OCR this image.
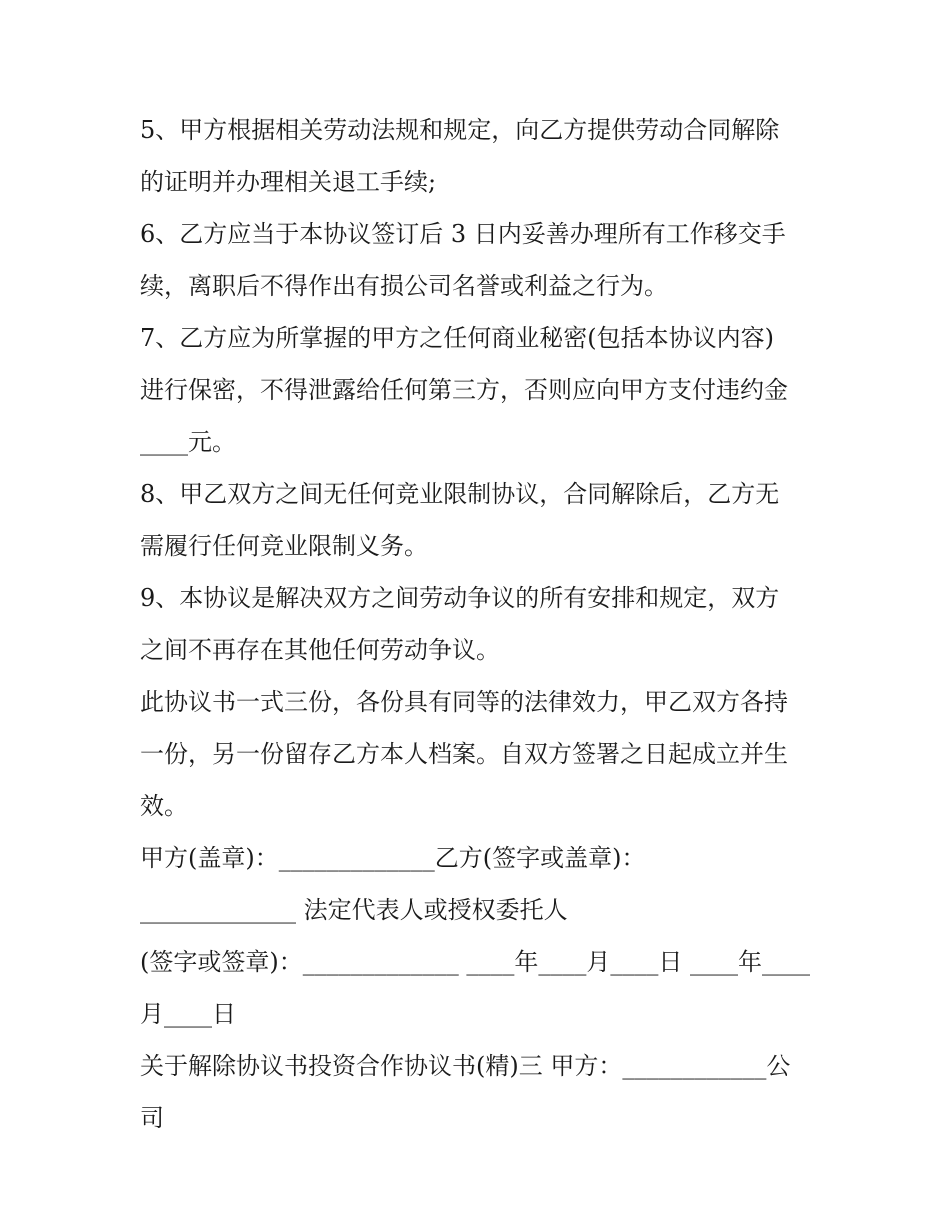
5、甲方根据相关劳动法规和规定，向乙方提供劳动合同解除
的证明并办理相关退工手续;
6、乙方应当于本协议签订后 3 日内妥善办理所有工作移交手
续，离职后不得作出有损公司名誉或利益之行为。
7、乙方应为所掌握的甲方之任何商业秘密(包括本协议内容)
进行保密，不得泄露给任何第三方，否则应向甲方支付违约金
____元。
8、甲乙双方之间无任何竞业限制协议，合同解除后，乙方无
需履行任何竞业限制义务。
9、本协议是解决双方之间劳动争议的所有安排和规定，双方
之间不再存在其他任何劳动争议。
此协议书一式三份，各份具有同等的法律效力，甲乙双方各持
一份，另一份留存乙方本人档案。自双方签署之日起成立并生
效。
甲方(盖章)：_____________乙方(签字或盖章)：
_____________ 法定代表人或授权委托人
(签字或签章)：_____________ ____年____月____日 ____年____
月____日
关于解除协议书投资合作协议书(精)三 甲方：____________公
司
